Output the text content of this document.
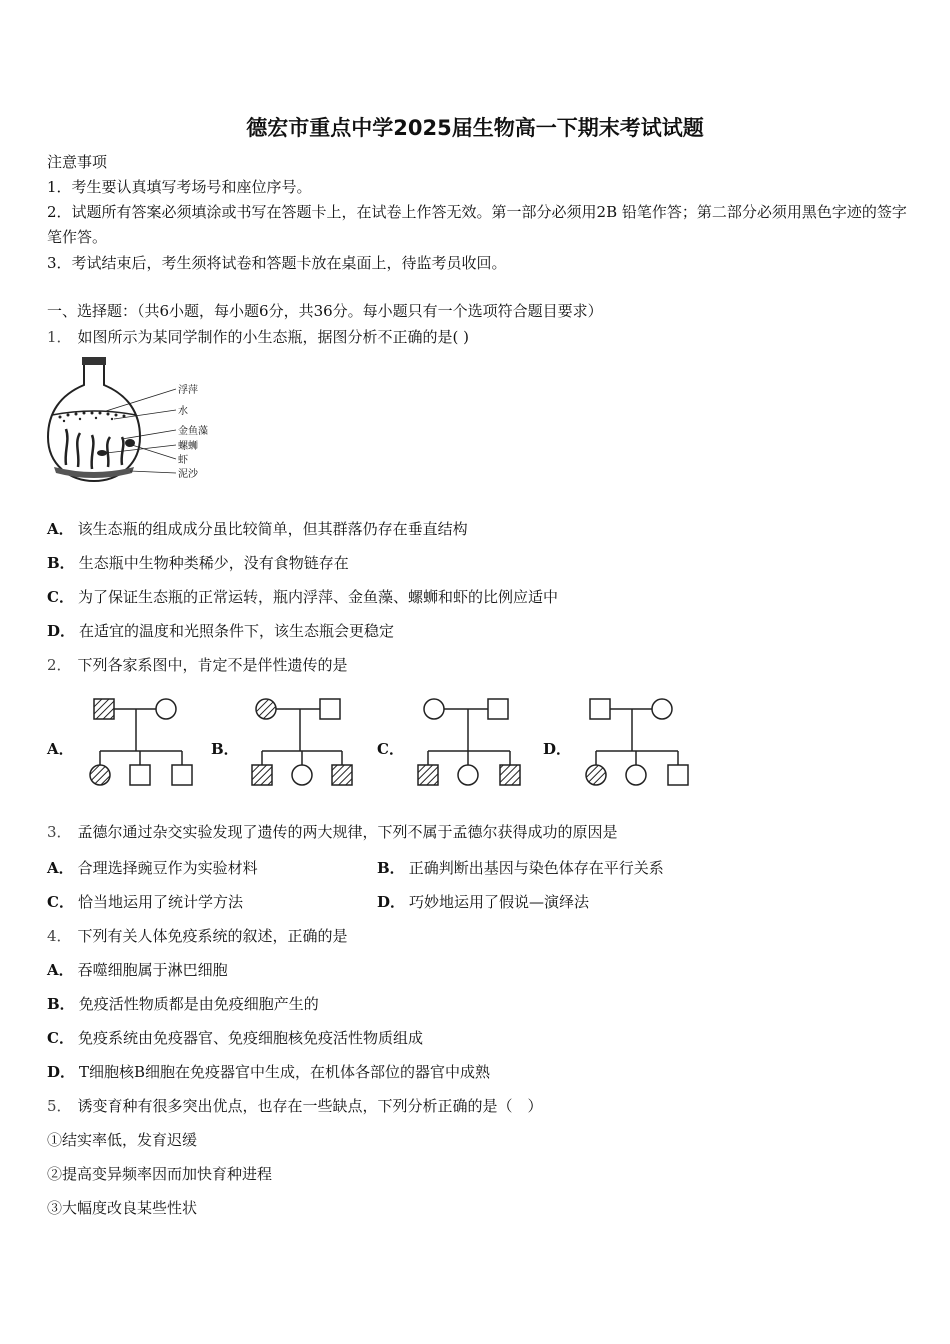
德宏市重点中学2025届生物高一下期末考试试题
注意事项
1．考生要认真填写考场号和座位序号。
2．试题所有答案必须填涂或书写在答题卡上，在试卷上作答无效。第一部分必须用2B 铅笔作答；第二部分必须用黑色字迹的签字笔作答。
3．考试结束后，考生须将试卷和答题卡放在桌面上，待监考员收回。
一、选择题：（共6小题，每小题6分，共36分。每小题只有一个选项符合题目要求）
1． 如图所示为某同学制作的小生态瓶，据图分析不正确的是( )
浮萍
水
金鱼藻
螺蛳
虾
泥沙
A． 该生态瓶的组成成分虽比较简单，但其群落仍存在垂直结构
B． 生态瓶中生物种类稀少，没有食物链存在
C． 为了保证生态瓶的正常运转，瓶内浮萍、金鱼藻、螺蛳和虾的比例应适中
D． 在适宜的温度和光照条件下，该生态瓶会更稳定
2． 下列各家系图中，肯定不是伴性遗传的是
A．	B．	C．	D．
3． 孟德尔通过杂交实验发现了遗传的两大规律，下列不属于孟德尔获得成功的原因是
A． 合理选择豌豆作为实验材料	B． 正确判断出基因与染色体存在平行关系
C． 恰当地运用了统计学方法	D． 巧妙地运用了假说—演绎法
4． 下列有关人体免疫系统的叙述，正确的是
A． 吞噬细胞属于淋巴细胞
B． 免疫活性物质都是由免疫细胞产生的
C． 免疫系统由免疫器官、免疫细胞核免疫活性物质组成
D． T细胞核B细胞在免疫器官中生成，在机体各部位的器官中成熟
5． 诱变育种有很多突出优点，也存在一些缺点，下列分析正确的是（　）
①结实率低，发育迟缓
②提高变异频率因而加快育种进程
③大幅度改良某些性状
